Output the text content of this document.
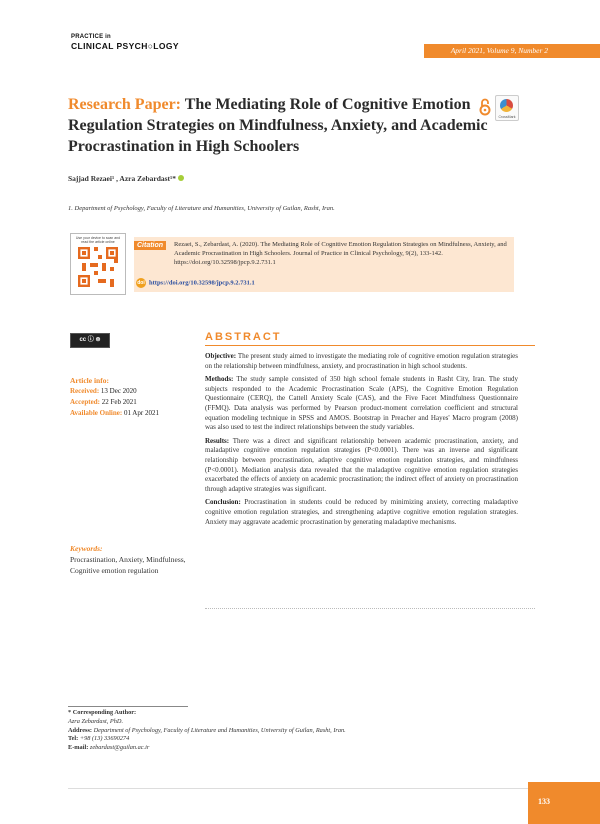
PRACTICE in
CLINICAL PSYCH○LOGY	April 2021, Volume 9, Number 2
Research Paper: The Mediating Role of Cognitive Emotion Regulation Strategies on Mindfulness, Anxiety, and Academic Procrastination in High Schoolers
CrossMark
Sajjad Rezaei¹ , Azra Zebardast¹*
1. Department of Psychology, Faculty of Literature and Humanities, University of Guilan, Rasht, Iran.
Use your device to scan and read the article online	Citation	Rezaei, S., Zebardast, A. (2020). The Mediating Role of Cognitive Emotion Regulation Strategies on Mindfulness, Anxiety, and Academic Procrastination in High Schoolers. Journal of Practice in Clinical Psychology, 9(2), 133-142. https://doi.org/10.32598/jpcp.9.2.731.1
doi https://doi.org/10.32598/jpcp.9.2.731.1
cc ⓘ ⊜
Article info:
Received: 13 Dec 2020
Accepted: 22 Feb 2021
Available Online: 01 Apr 2021
Keywords:
Procrastination, Anxiety, Mindfulness, Cognitive emotion regulation
ABSTRACT

Objective: The present study aimed to investigate the mediating role of cognitive emotion regulation strategies on the relationship between mindfulness, anxiety, and procrastination in high school students.

Methods: The study sample consisted of 350 high school female students in Rasht City, Iran. The study subjects responded to the Academic Procrastination Scale (APS), the Cognitive Emotion Regulation Questionnaire (CERQ), the Cattell Anxiety Scale (CAS), and the Five Facet Mindfulness Questionnaire (FFMQ). Data analysis was performed by Pearson product-moment correlation coefficient and structural equation modeling technique in SPSS and AMOS. Bootstrap in Preacher and Hayes' Macro program (2008) was also used to test the indirect relationships between the study variables.

Results: There was a direct and significant relationship between academic procrastination, anxiety, and maladaptive cognitive emotion regulation strategies (P<0.0001). There was an inverse and significant relationship between procrastination, adaptive cognitive emotion regulation strategies, and mindfulness (P<0.0001). Mediation analysis data revealed that the maladaptive cognitive emotion regulation strategies exacerbated the effects of anxiety on academic procrastination; the indirect effect of anxiety on procrastination through adaptive strategies was significant.

Conclusion: Procrastination in students could be reduced by minimizing anxiety, correcting maladaptive cognitive emotion regulation strategies, and strengthening adaptive cognitive emotion regulation strategies. Anxiety may aggravate academic procrastination by generating maladaptive mechanisms.

* Corresponding Author:
Azra Zebardast, PhD.
Address: Department of Psychology, Faculty of Literature and Humanities, University of Guilan, Rasht, Iran.
Tel: +98 (13) 33690274
E-mail: zebardast@guilan.ac.ir
133
